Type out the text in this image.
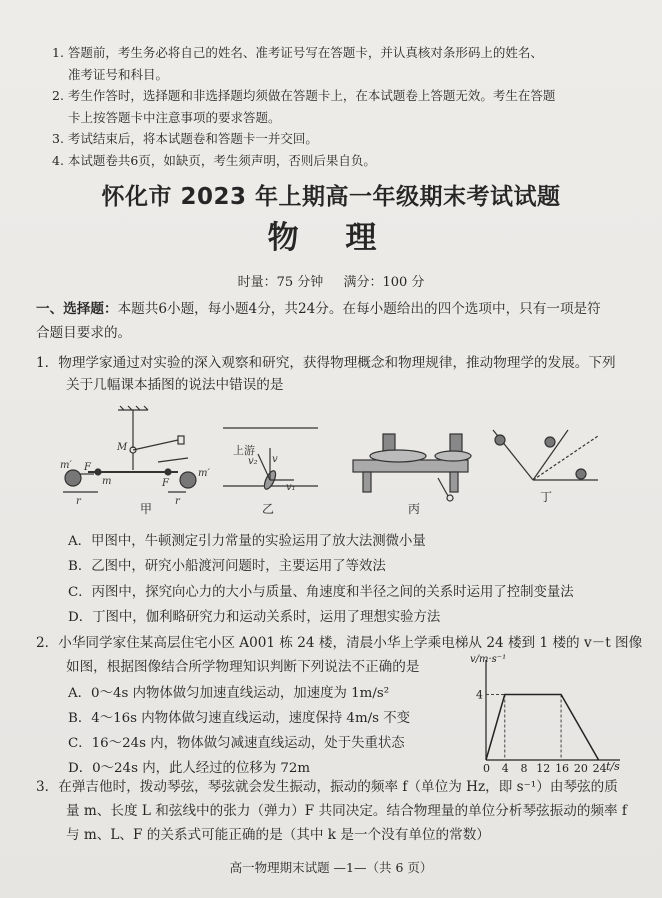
1. 答题前，考生务必将自己的姓名、准考证号写在答题卡，并认真核对条形码上的姓名、
准考证号和科目。
2. 考生作答时，选择题和非选择题均须做在答题卡上，在本试题卷上答题无效。考生在答题
卡上按答题卡中注意事项的要求答题。
3. 考试结束后，将本试题卷和答题卡一并交回。
4. 本试题卷共6页，如缺页，考生须声明，否则后果自负。
怀化市 2023 年上期高一年级期末考试试题
物 理
时量：75 分钟 满分：100 分
一、选择题：本题共6小题，每小题4分，共24分。在每小题给出的四个选项中，只有一项是符
合题目要求的。
1．物理学家通过对实验的深入观察和研究，获得物理概念和物理规律，推动物理学的发展。下列
关于几幅课本插图的说法中错误的是
M
m′ F
m
r
m′
F
r
上游
v₂ v
v₁
甲	乙	丙
丁
A．甲图中，牛顿测定引力常量的实验运用了放大法测微小量
B．乙图中，研究小船渡河问题时，主要运用了等效法
C．丙图中，探究向心力的大小与质量、角速度和半径之间的关系时运用了控制变量法
D．丁图中，伽利略研究力和运动关系时，运用了理想实验方法
2．小华同学家住某高层住宅小区 A001 栋 24 楼，清晨小华上学乘电梯从 24 楼到 1 楼的 v－t 图像
如图，根据图像结合所学物理知识判断下列说法不正确的是
A．0～4s 内物体做匀加速直线运动，加速度为 1m/s²
B．4～16s 内物体做匀速直线运动，速度保持 4m/s 不变
C．16～24s 内，物体做匀减速直线运动，处于失重状态
D．0～24s 内，此人经过的位移为 72m
v/m·s⁻¹
t/s
0 4 8 12 16 20 24
4
3．在弹吉他时，拨动琴弦，琴弦就会发生振动，振动的频率 f（单位为 Hz，即 s⁻¹）由琴弦的质
量 m、长度 L 和弦线中的张力（弹力）F 共同决定。结合物理量的单位分析琴弦振动的频率 f
与 m、L、F 的关系式可能正确的是（其中 k 是一个没有单位的常数）
高一物理期末试题 —1—（共 6 页）
